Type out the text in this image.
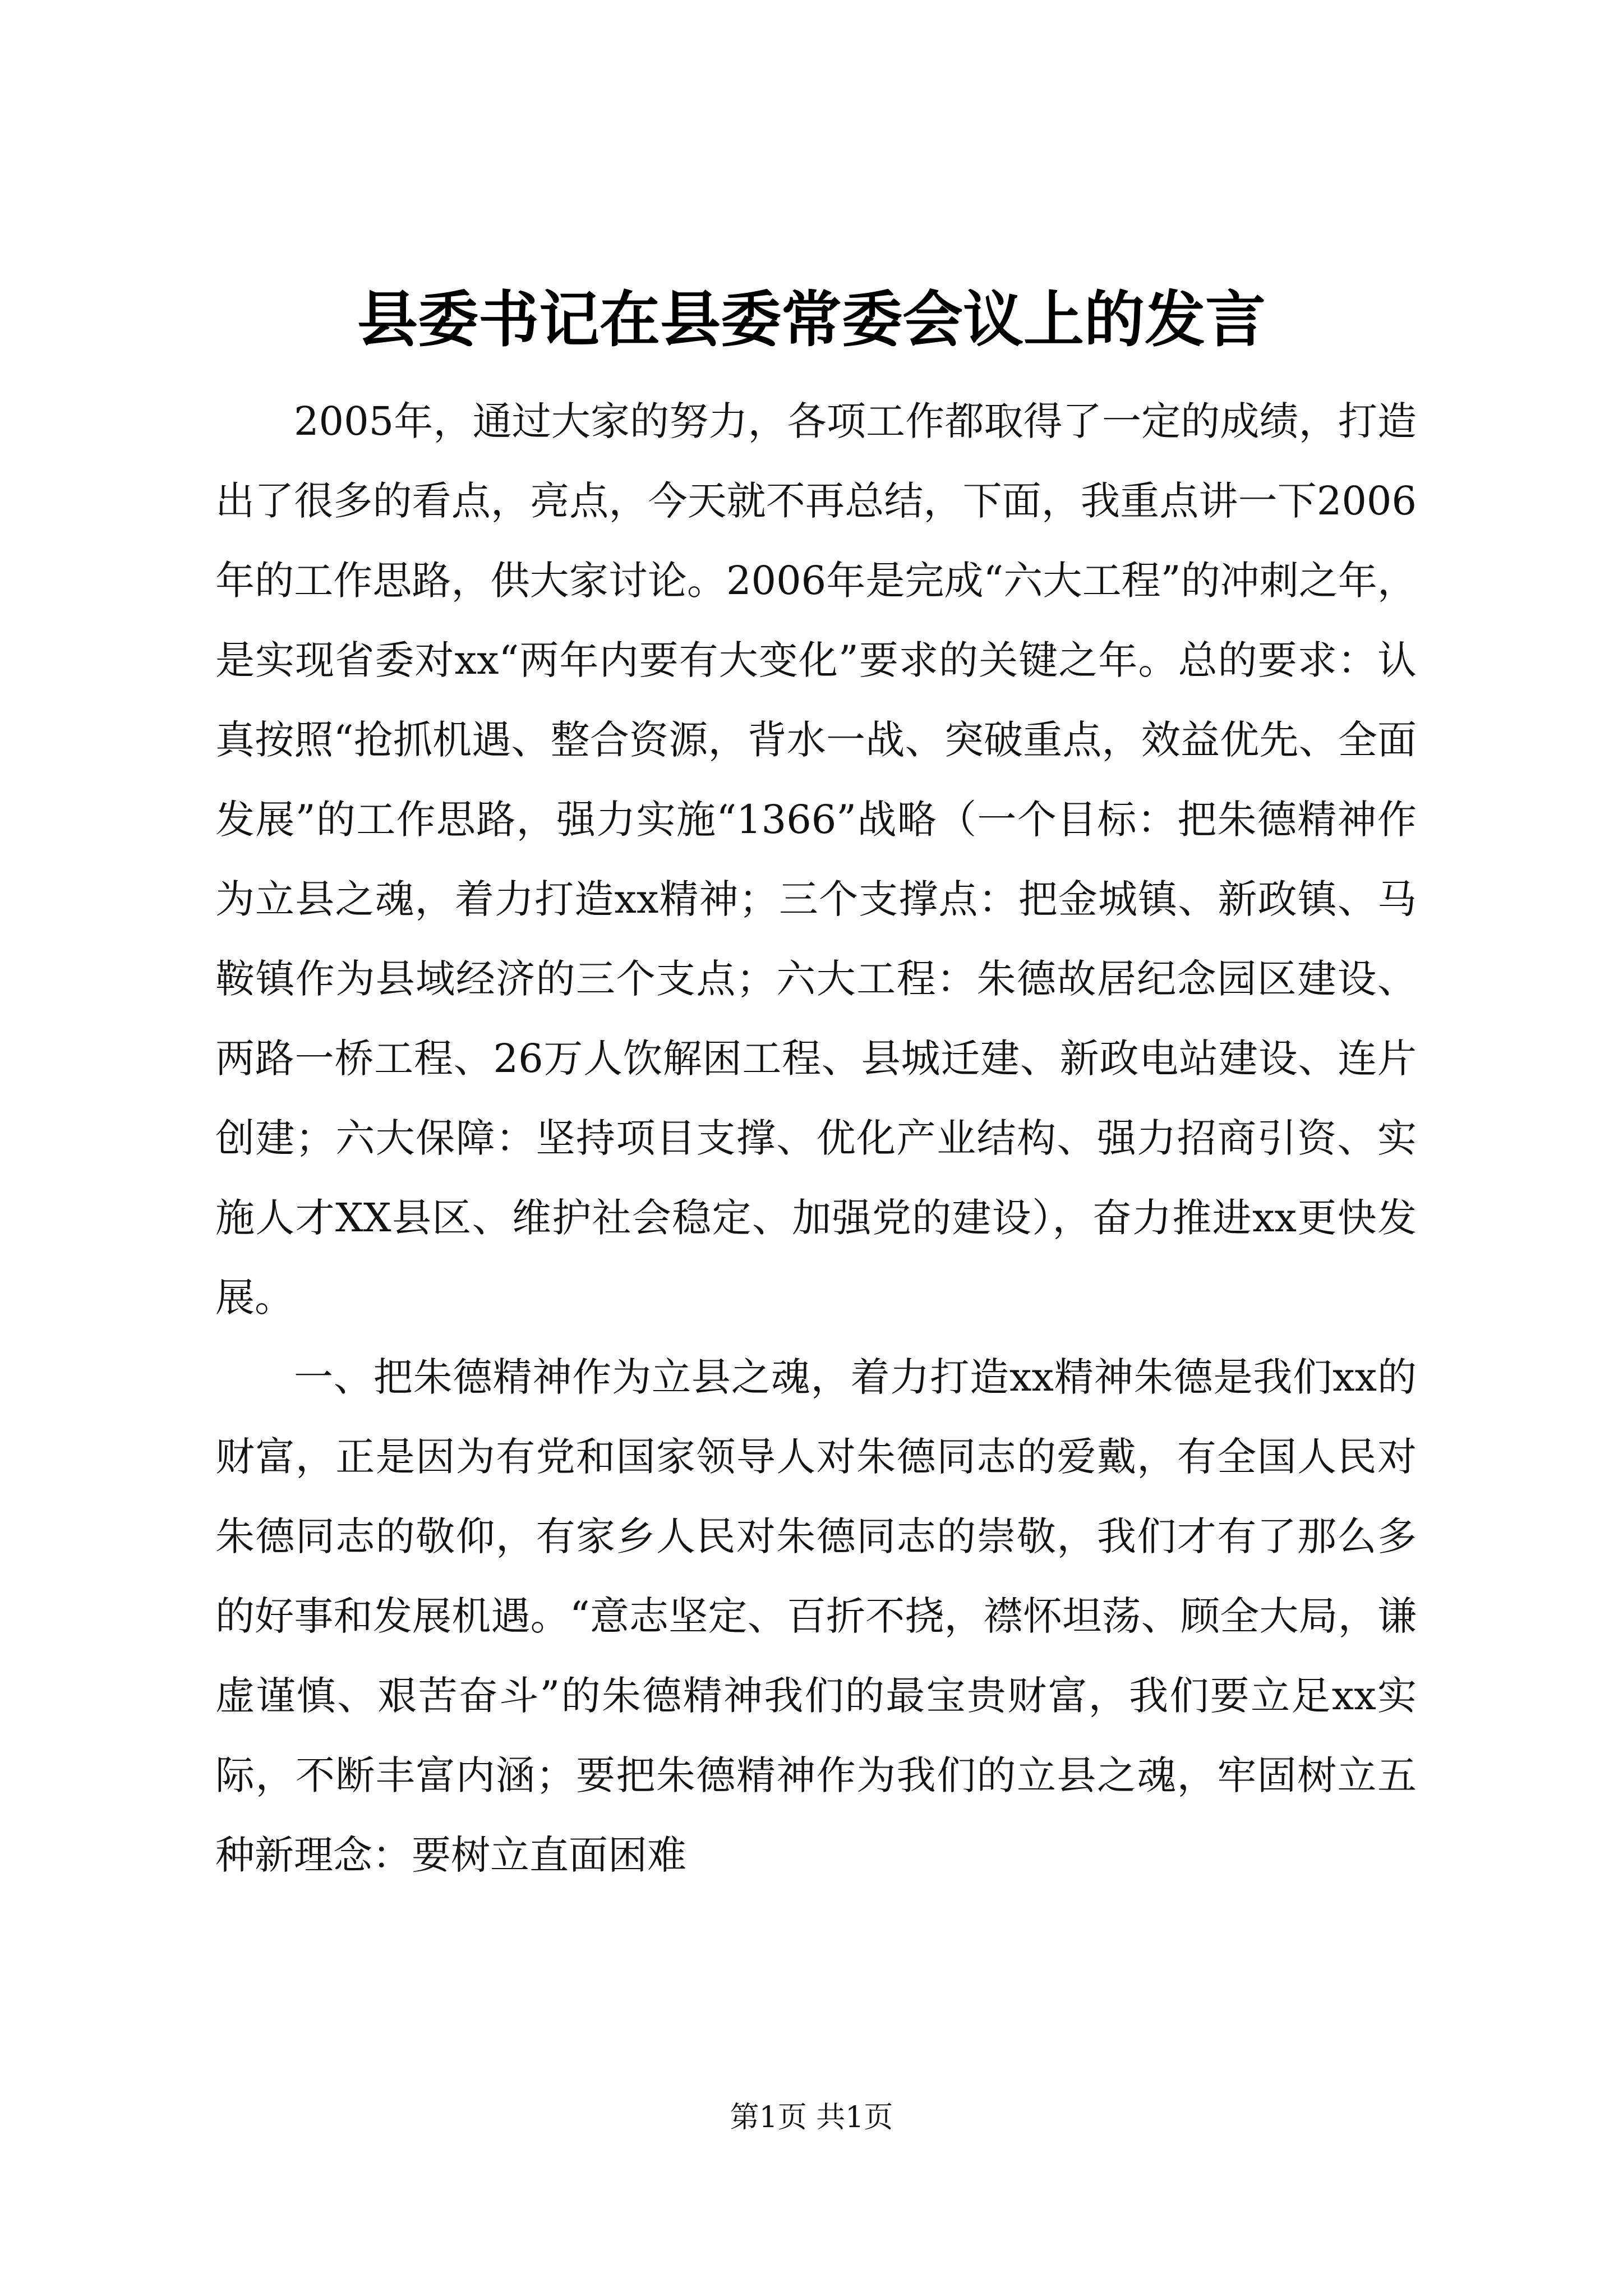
县委书记在县委常委会议上的发言

2005年，通过大家的努力，各项工作都取得了一定的成绩，打造出了很多的看点，亮点，今天就不再总结，下面，我重点讲一下2006年的工作思路，供大家讨论。2006年是完成“六大工程”的冲刺之年，是实现省委对xx“两年内要有大变化”要求的关键之年。总的要求：认真按照“抢抓机遇、整合资源，背水一战、突破重点，效益优先、全面发展”的工作思路，强力实施“1366”战略（一个目标：把朱德精神作为立县之魂，着力打造xx精神；三个支撑点：把金城镇、新政镇、马鞍镇作为县域经济的三个支点；六大工程：朱德故居纪念园区建设、两路一桥工程、26万人饮解困工程、县城迁建、新政电站建设、连片创建；六大保障：坚持项目支撑、优化产业结构、强力招商引资、实施人才XX县区、维护社会稳定、加强党的建设），奋力推进xx更快发展。

一、把朱德精神作为立县之魂，着力打造xx精神朱德是我们xx的财富，正是因为有党和国家领导人对朱德同志的爱戴，有全国人民对朱德同志的敬仰，有家乡人民对朱德同志的崇敬，我们才有了那么多的好事和发展机遇。“意志坚定、百折不挠，襟怀坦荡、顾全大局，谦虚谨慎、艰苦奋斗”的朱德精神我们的最宝贵财富，我们要立足xx实际，不断丰富内涵；要把朱德精神作为我们的立县之魂，牢固树立五种新理念：要树立直面困难

第1页 共1页
